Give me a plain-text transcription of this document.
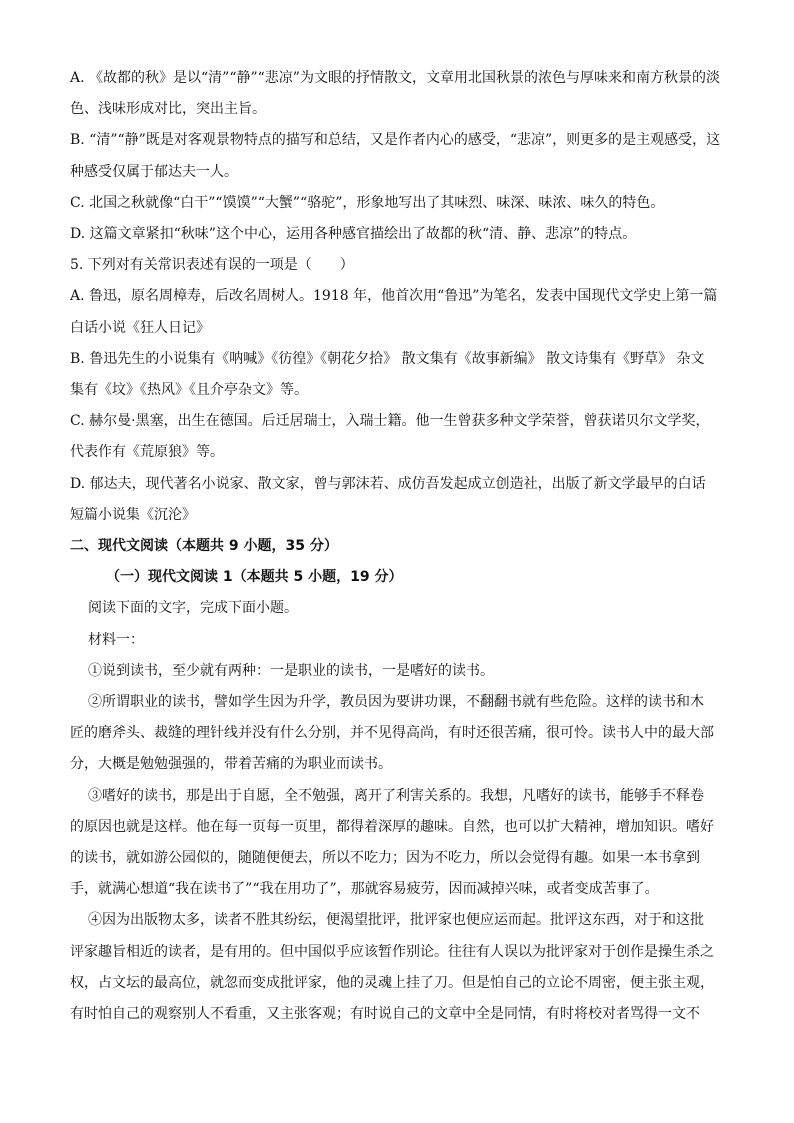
A. 《故都的秋》是以“清”“静”“悲凉”为文眼的抒情散文，文章用北国秋景的浓色与厚味来和南方秋景的淡

色、浅味形成对比，突出主旨。

B. “清”“静”既是对客观景物特点的描写和总结，又是作者内心的感受，“悲凉”，则更多的是主观感受，这

种感受仅属于郁达夫一人。

C. 北国之秋就像“白干”“馍馍”“大蟹”“骆驼”，形象地写出了其味烈、味深、味浓、味久的特色。

D. 这篇文章紧扣“秋味”这个中心，运用各种感官描绘出了故都的秋“清、静、悲凉”的特点。

5. 下列对有关常识表述有误的一项是（　　）

A. 鲁迅，原名周樟寿，后改名周树人。1918 年，他首次用“鲁迅”为笔名，发表中国现代文学史上第一篇

白话小说《狂人日记》

B. 鲁迅先生的小说集有《呐喊》《彷徨》《朝花夕拾》 散文集有《故事新编》 散文诗集有《野草》 杂文

集有《坟》《热风》《且介亭杂文》等。

C. 赫尔曼·黑塞，出生在德国。后迁居瑞士，入瑞士籍。他一生曾获多种文学荣誉，曾获诺贝尔文学奖，

代表作有《荒原狼》等。

D. 郁达夫，现代著名小说家、散文家，曾与郭沫若、成仿吾发起成立创造社，出版了新文学最早的白话

短篇小说集《沉沦》

二、现代文阅读（本题共 9 小题，35 分）

（一）现代文阅读 1（本题共 5 小题，19 分）

阅读下面的文字，完成下面小题。

材料一：

①说到读书，至少就有两种：一是职业的读书，一是嗜好的读书。

②所谓职业的读书，譬如学生因为升学，教员因为要讲功课，不翻翻书就有些危险。这样的读书和木

匠的磨斧头、裁缝的理针线并没有什么分别，并不见得高尚，有时还很苦痛，很可怜。读书人中的最大部

分，大概是勉勉强强的，带着苦痛的为职业而读书。

③嗜好的读书，那是出于自愿，全不勉强，离开了利害关系的。我想，凡嗜好的读书，能够手不释卷

的原因也就是这样。他在每一页每一页里，都得着深厚的趣味。自然，也可以扩大精神，增加知识。嗜好

的读书，就如游公园似的，随随便便去，所以不吃力；因为不吃力，所以会觉得有趣。如果一本书拿到

手，就满心想道“我在读书了”“我在用功了”，那就容易疲劳，因而减掉兴味，或者变成苦事了。

④因为出版物太多，读者不胜其纷纭，便渴望批评，批评家也便应运而起。批评这东西，对于和这批

评家趣旨相近的读者，是有用的。但中国似乎应该暂作别论。往往有人误以为批评家对于创作是操生杀之

权，占文坛的最高位，就忽而变成批评家，他的灵魂上挂了刀。但是怕自己的立论不周密，便主张主观，

有时怕自己的观察别人不看重，又主张客观；有时说自己的文章中全是同情，有时将校对者骂得一文不
